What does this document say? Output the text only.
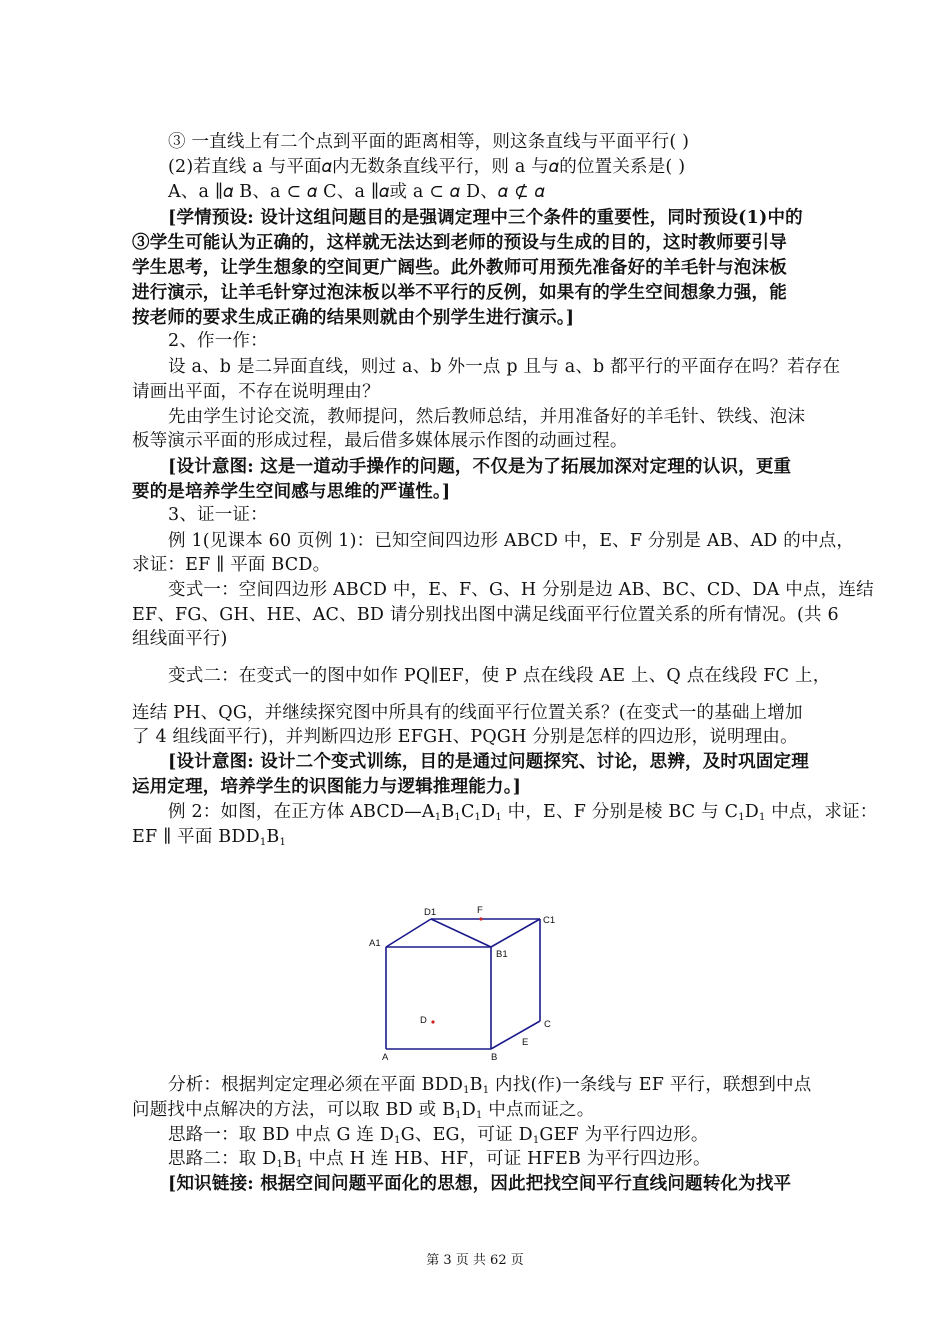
③ 一直线上有二个点到平面的距离相等，则这条直线与平面平行( )
(2)若直线 a 与平面𝛼内无数条直线平行，则 a 与𝛼的位置关系是( )
A、a ∥𝛼 B、a ⊂ 𝛼 C、a ∥𝛼或 a ⊂ 𝛼 D、𝛼 ⊄ 𝛼
[学情预设: 设计这组问题目的是强调定理中三个条件的重要性，同时预设(1)中的
③学生可能认为正确的，这样就无法达到老师的预设与生成的目的，这时教师要引导
学生思考，让学生想象的空间更广阔些。此外教师可用预先准备好的羊毛针与泡沫板
进行演示，让羊毛针穿过泡沫板以举不平行的反例，如果有的学生空间想象力强，能
按老师的要求生成正确的结果则就由个别学生进行演示。]
2、作一作：
设 a、b 是二异面直线，则过 a、b 外一点 p 且与 a、b 都平行的平面存在吗？若存在
请画出平面，不存在说明理由？
先由学生讨论交流，教师提问，然后教师总结，并用准备好的羊毛针、铁线、泡沫
板等演示平面的形成过程，最后借多媒体展示作图的动画过程。
[设计意图: 这是一道动手操作的问题，不仅是为了拓展加深对定理的认识，更重
要的是培养学生空间感与思维的严谨性。]
3、证一证：
例 1(见课本 60 页例 1)：已知空间四边形 ABCD 中，E、F 分别是 AB、AD 的中点，
求证：EF ∥ 平面 BCD。
变式一：空间四边形 ABCD 中，E、F、G、H 分别是边 AB、BC、CD、DA 中点，连结
EF、FG、GH、HE、AC、BD 请分别找出图中满足线面平行位置关系的所有情况。(共 6
组线面平行)
变式二：在变式一的图中如作 PQ∥EF，使 P 点在线段 AE 上、Q 点在线段 FC 上，
连结 PH、QG，并继续探究图中所具有的线面平行位置关系？(在变式一的基础上增加
了 4 组线面平行)，并判断四边形 EFGH、PQGH 分别是怎样的四边形，说明理由。
[设计意图: 设计二个变式训练，目的是通过问题探究、讨论，思辨，及时巩固定理
运用定理，培养学生的识图能力与逻辑推理能力。]
例 2：如图，在正方体 $ABCD—A_1B_1C_1D_1$ 中，E、F 分别是棱 BC 与 $C_1D_1$ 中点，求证：
EF ∥ 平面 $BDD_1B_1$
D1	F
C1
A1
B1
D	C
E
A	B
分析：根据判定定理必须在平面 $BDD_1B_1$ 内找(作)一条线与 EF 平行，联想到中点
问题找中点解决的方法，可以取 BD 或 $B_1D_1$ 中点而证之。
思路一：取 BD 中点 G 连 $D_1G$、EG，可证 $D_1GEF$ 为平行四边形。
思路二：取 $D_1B_1$ 中点 H 连 HB、HF，可证 HFEB 为平行四边形。
[知识链接: 根据空间问题平面化的思想，因此把找空间平行直线问题转化为找平
第 3 页 共 62 页
